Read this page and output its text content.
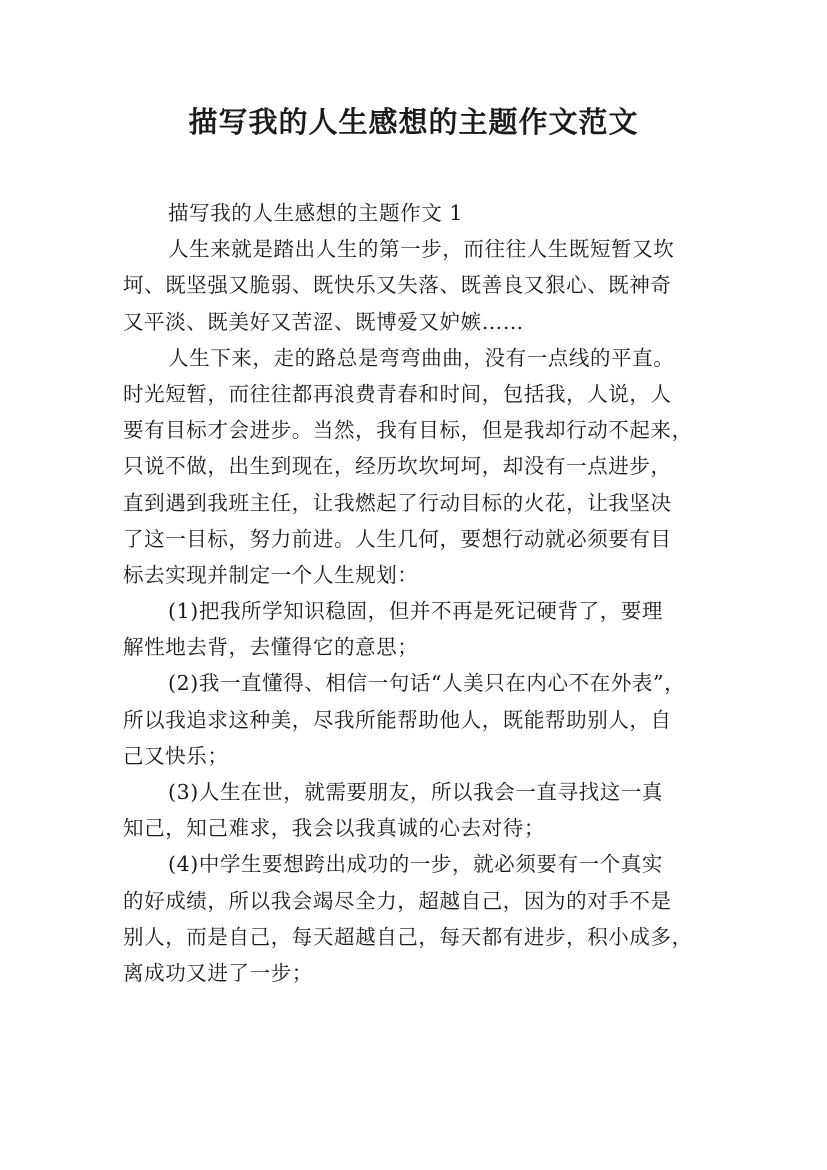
描写我的人生感想的主题作文范文
描写我的人生感想的主题作文 1
人生来就是踏出人生的第一步，而往往人生既短暂又坎
坷、既坚强又脆弱、既快乐又失落、既善良又狠心、既神奇
又平淡、既美好又苦涩、既博爱又妒嫉……
人生下来，走的路总是弯弯曲曲，没有一点线的平直。
时光短暂，而往往都再浪费青春和时间，包括我，人说，人
要有目标才会进步。当然，我有目标，但是我却行动不起来，
只说不做，出生到现在，经历坎坎坷坷，却没有一点进步，
直到遇到我班主任，让我燃起了行动目标的火花，让我坚决
了这一目标，努力前进。人生几何，要想行动就必须要有目
标去实现并制定一个人生规划：
(1)把我所学知识稳固，但并不再是死记硬背了，要理
解性地去背，去懂得它的意思；
(2)我一直懂得、相信一句话“人美只在内心不在外表”，
所以我追求这种美，尽我所能帮助他人，既能帮助别人，自
己又快乐；
(3)人生在世，就需要朋友，所以我会一直寻找这一真
知己，知己难求，我会以我真诚的心去对待；
(4)中学生要想跨出成功的一步，就必须要有一个真实
的好成绩，所以我会竭尽全力，超越自己，因为的对手不是
别人，而是自己，每天超越自己，每天都有进步，积小成多，
离成功又进了一步；
